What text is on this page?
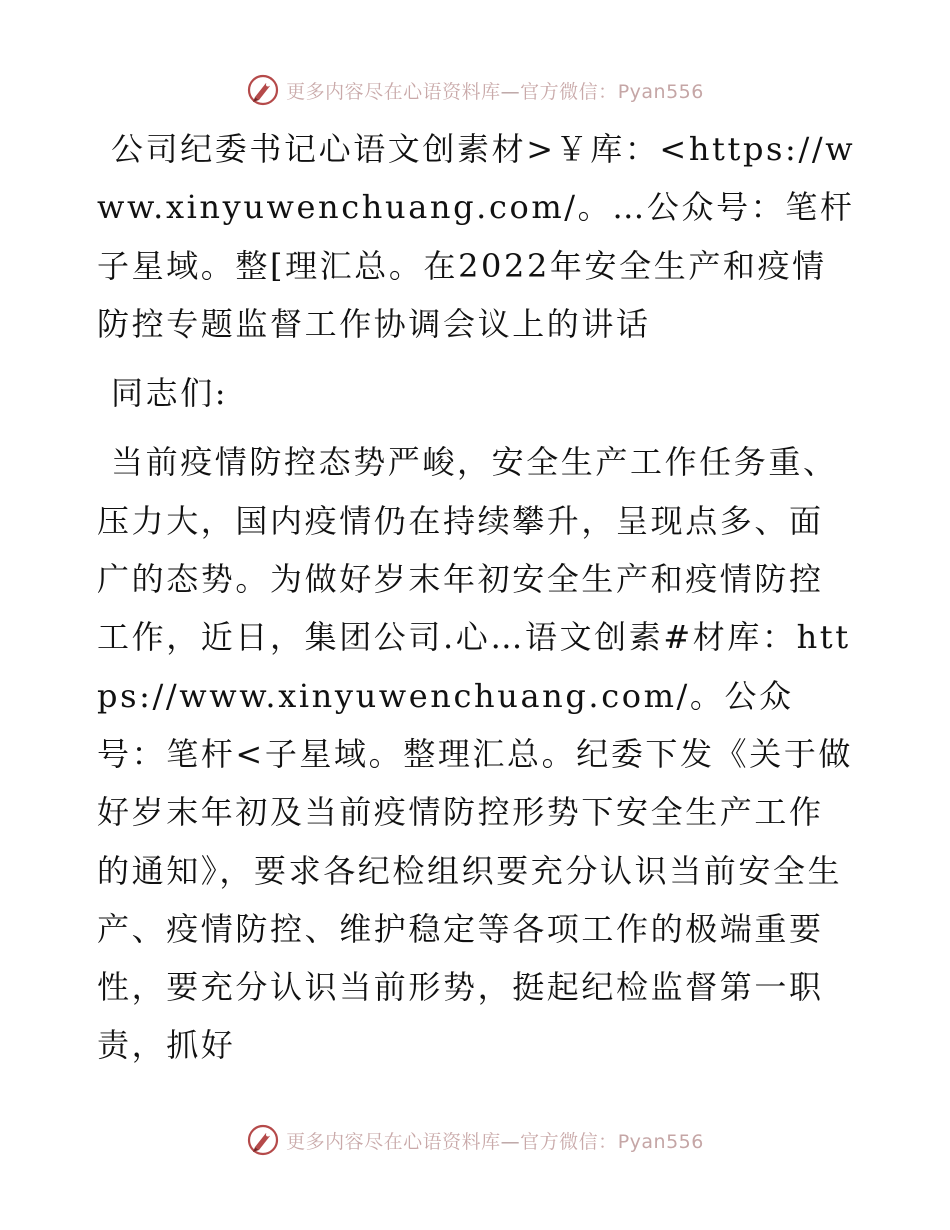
更多内容尽在心语资料库—官方微信：Pyan556

公司纪委书记心语文创素材>￥库：<https://www.xinyuwenchuang.com/。…公众号：笔杆子星域。整[理汇总。在2022年安全生产和疫情防控专题监督工作协调会议上的讲话

同志们:

当前疫情防控态势严峻，安全生产工作任务重、压力大，国内疫情仍在持续攀升，呈现点多、面广的态势。为做好岁末年初安全生产和疫情防控工作，近日，集团公司.心…语文创素#材库：https://www.xinyuwenchuang.com/。公众号：笔杆<子星域。整理汇总。纪委下发《关于做好岁末年初及当前疫情防控形势下安全生产工作的通知》，要求各纪检组织要充分认识当前安全生产、疫情防控、维护稳定等各项工作的极端重要性，要充分认识当前形势，挺起纪检监督第一职责，抓好

更多内容尽在心语资料库—官方微信：Pyan556
